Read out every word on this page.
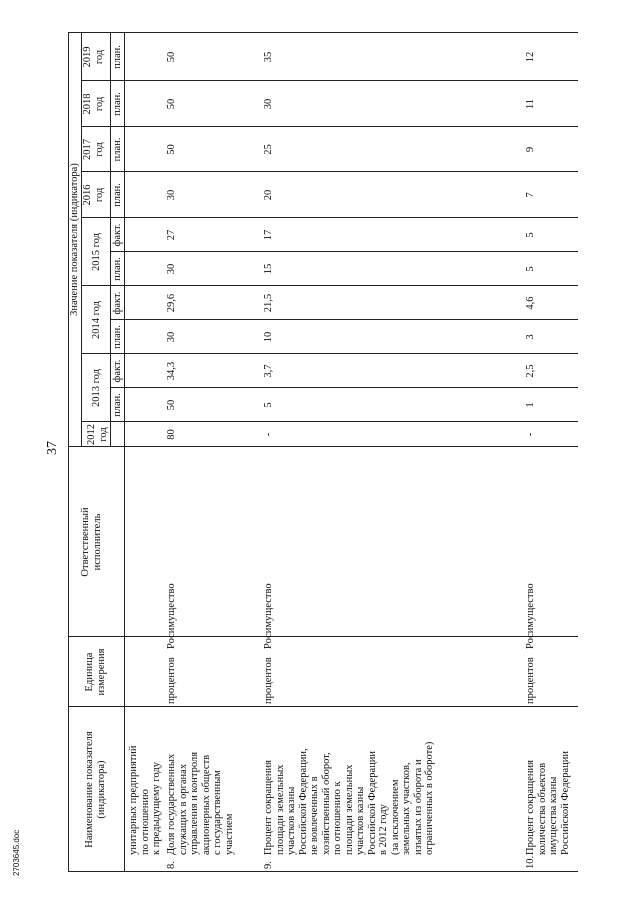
37
2703645.doc
Наименование показателя (индикатора)
Единица измерения
Ответственный исполнитель
Значение показателя (индикатора)
2012 год
2013 год
2014 год
2015 год
2016 год
2017 год
2018 год
2019 год
план.
факт.
план.
факт.
план.
факт.
план.
план.
план.
план.
унитарных предприятий по отношению к предыдущему году
8.
Доля государственных служащих в органах управления и контроля акционерных обществ с государственным участием
процентов
Росимущество
80
50
34,3
30
29,6
30
27
30
50
50
50
9.
Процент сокращения площади земельных участков казны Российской Федерации, не вовлеченных в хозяйственный оборот, по отношению к площади земельных участков казны Российской Федерации в 2012 году (за исключением земельных участков, изъятых из оборота и ограниченных в обороте)
процентов
Росимущество
-
5
3,7
10
21,5
15
17
20
25
30
35
10.
Процент сокращения количества объектов имущества казны Российской Федерации
процентов
Росимущество
-
1
2,5
3
4,6
5
5
7
9
11
12
